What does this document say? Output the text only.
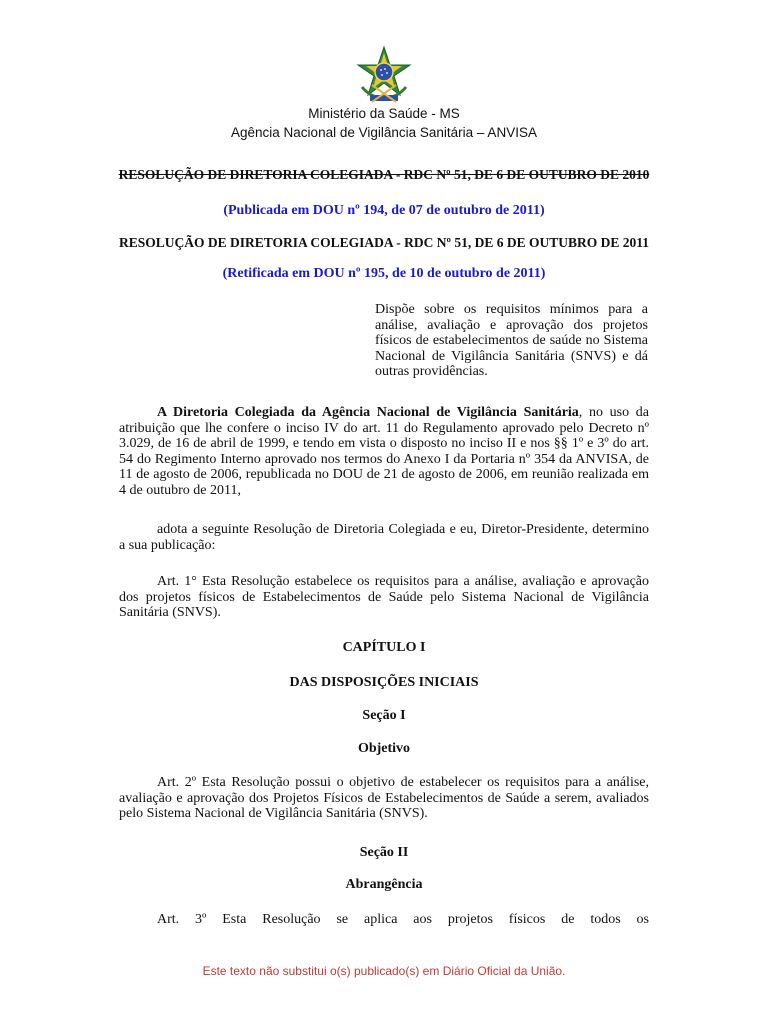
Ministério da Saúde - MS
Agência Nacional de Vigilância Sanitária – ANVISA
RESOLUÇÃO DE DIRETORIA COLEGIADA - RDC Nº 51, DE 6 DE OUTUBRO DE 2010
(Publicada em DOU nº 194, de 07 de outubro de 2011)
RESOLUÇÃO DE DIRETORIA COLEGIADA - RDC Nº 51, DE 6 DE OUTUBRO DE 2011
(Retificada em DOU nº 195, de 10 de outubro de 2011)
Dispõe sobre os requisitos mínimos para a análise, avaliação e aprovação dos projetos físicos de estabelecimentos de saúde no Sistema Nacional de Vigilância Sanitária (SNVS) e dá outras providências.
A Diretoria Colegiada da Agência Nacional de Vigilância Sanitária, no uso da atribuição que lhe confere o inciso IV do art. 11 do Regulamento aprovado pelo Decreto nº 3.029, de 16 de abril de 1999, e tendo em vista o disposto no inciso II e nos §§ 1º e 3º do art. 54 do Regimento Interno aprovado nos termos do Anexo I da Portaria nº 354 da ANVISA, de 11 de agosto de 2006, republicada no DOU de 21 de agosto de 2006, em reunião realizada em 4 de outubro de 2011,
adota a seguinte Resolução de Diretoria Colegiada e eu, Diretor-Presidente, determino a sua publicação:
Art. 1° Esta Resolução estabelece os requisitos para a análise, avaliação e aprovação dos projetos físicos de Estabelecimentos de Saúde pelo Sistema Nacional de Vigilância Sanitária (SNVS).
CAPÍTULO I
DAS DISPOSIÇÕES INICIAIS
Seção I
Objetivo
Art. 2º Esta Resolução possui o objetivo de estabelecer os requisitos para a análise, avaliação e aprovação dos Projetos Físicos de Estabelecimentos de Saúde a serem, avaliados pelo Sistema Nacional de Vigilância Sanitária (SNVS).
Seção II
Abrangência
Art. 3º Esta Resolução se aplica aos projetos físicos de todos os
Este texto não substitui o(s) publicado(s) em Diário Oficial da União.
